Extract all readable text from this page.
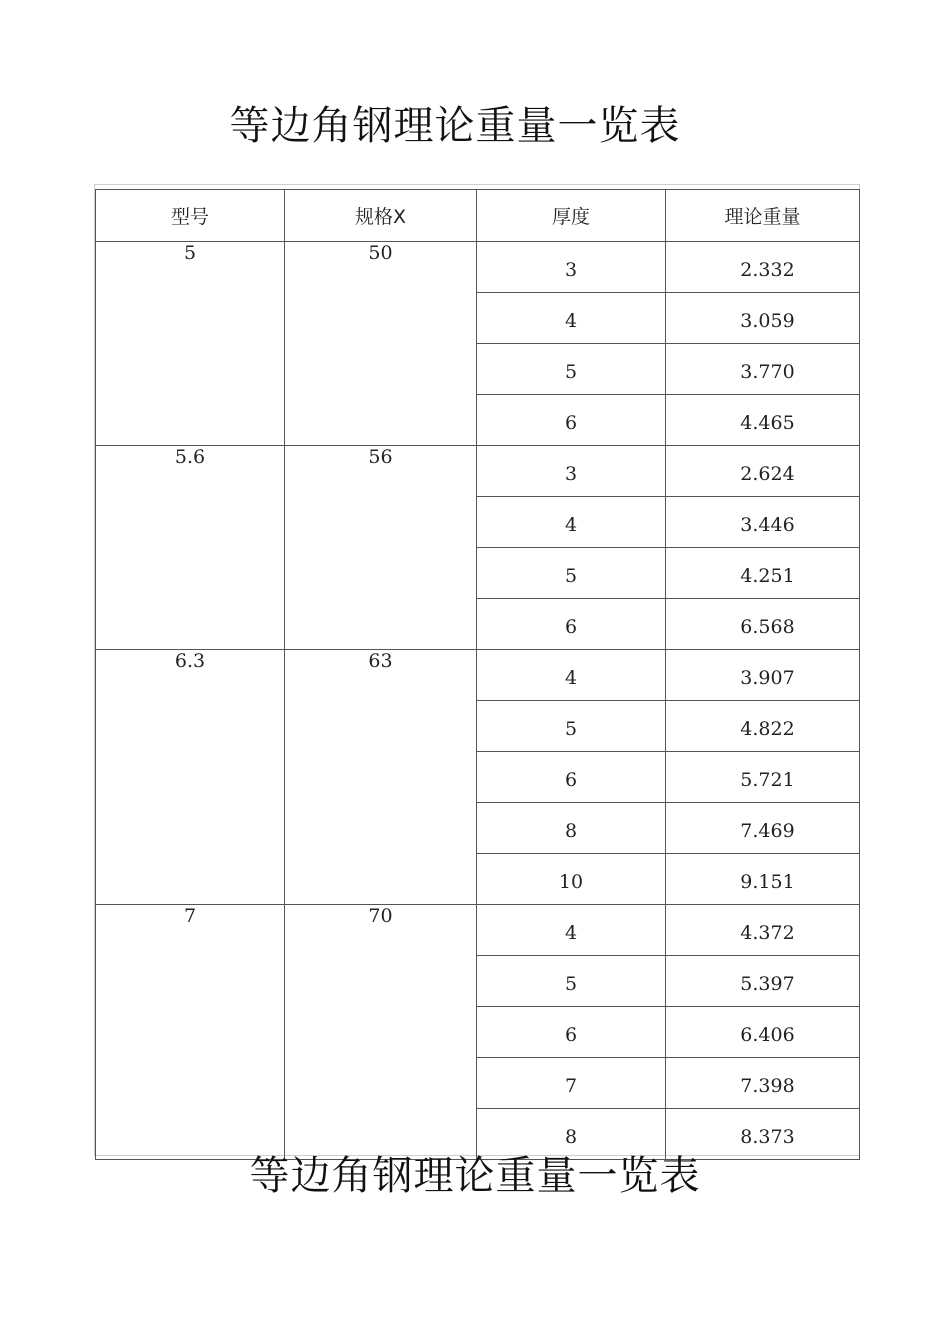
等边角钢理论重量一览表
型号	规格X	厚度	理论重量
5	50	3	2.332
		4	3.059
		5	3.770
		6	4.465
5.6	56	3	2.624
		4	3.446
		5	4.251
		6	6.568
6.3	63	4	3.907
		5	4.822
		6	5.721
		8	7.469
		10	9.151
7	70	4	4.372
		5	5.397
		6	6.406
		7	7.398
		8	8.373
等边角钢理论重量一览表
